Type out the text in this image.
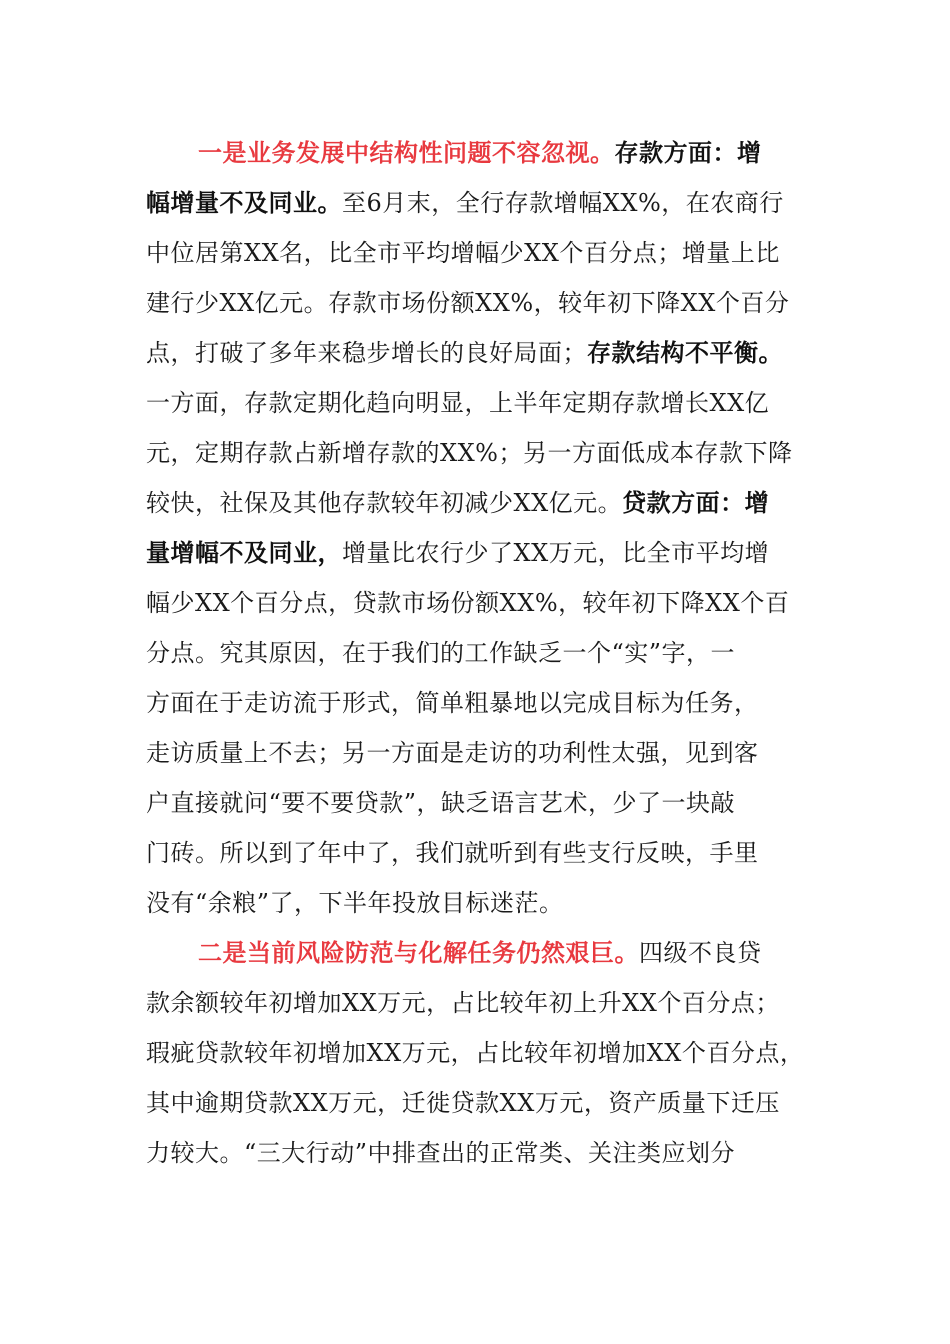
一是业务发展中结构性问题不容忽视。存款方面：增
幅增量不及同业。至6月末，全行存款增幅XX%，在农商行
中位居第XX名，比全市平均增幅少XX个百分点；增量上比
建行少XX亿元。存款市场份额XX%，较年初下降XX个百分
点，打破了多年来稳步增长的良好局面；存款结构不平衡。
一方面，存款定期化趋向明显，上半年定期存款增长XX亿
元，定期存款占新增存款的XX%；另一方面低成本存款下降
较快，社保及其他存款较年初减少XX亿元。贷款方面：增
量增幅不及同业，增量比农行少了XX万元，比全市平均增
幅少XX个百分点，贷款市场份额XX%，较年初下降XX个百
分点。究其原因，在于我们的工作缺乏一个“实”字，一
方面在于走访流于形式，简单粗暴地以完成目标为任务，
走访质量上不去；另一方面是走访的功利性太强，见到客
户直接就问“要不要贷款”，缺乏语言艺术，少了一块敲
门砖。所以到了年中了，我们就听到有些支行反映，手里
没有“余粮”了，下半年投放目标迷茫。
二是当前风险防范与化解任务仍然艰巨。四级不良贷
款余额较年初增加XX万元，占比较年初上升XX个百分点；
瑕疵贷款较年初增加XX万元，占比较年初增加XX个百分点，
其中逾期贷款XX万元，迁徙贷款XX万元，资产质量下迁压
力较大。“三大行动”中排查出的正常类、关注类应划分
